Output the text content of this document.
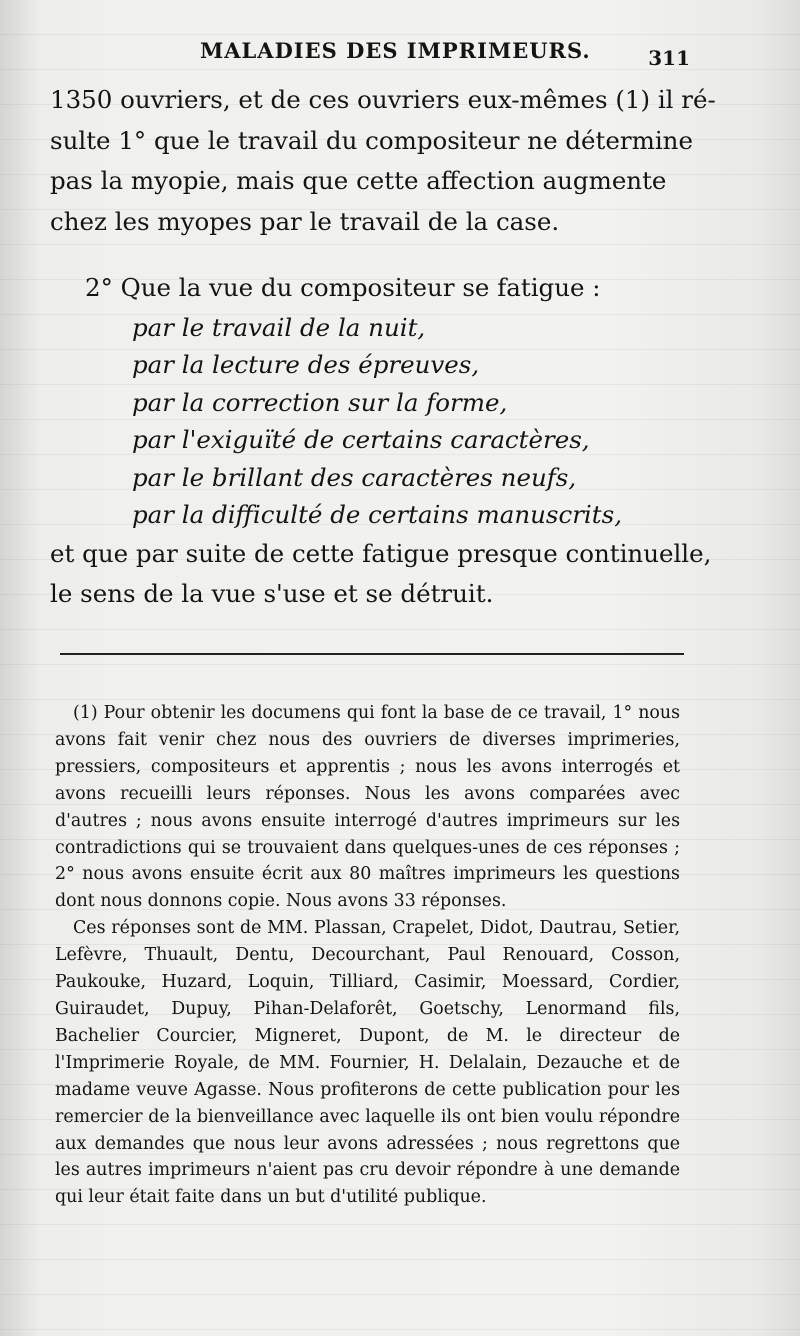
MALADIES DES IMPRIMEURS.	311
1350 ouvriers, et de ces ouvriers eux-mêmes (1) il ré-
sulte 1° que le travail du compositeur ne détermine
pas la myopie, mais que cette affection augmente
chez les myopes par le travail de la case.
2° Que la vue du compositeur se fatigue :
par le travail de la nuit,
par la lecture des épreuves,
par la correction sur la forme,
par l'exiguïté de certains caractères,
par le brillant des caractères neufs,
par la difficulté de certains manuscrits,
et que par suite de cette fatigue presque continuelle,
le sens de la vue s'use et se détruit.

(1) Pour obtenir les documens qui font la base de ce travail, 1° nous avons fait venir chez nous des ouvriers de diverses imprimeries, pressiers, compositeurs et apprentis ; nous les avons interrogés et avons recueilli leurs réponses. Nous les avons comparées avec d'autres ; nous avons ensuite interrogé d'autres imprimeurs sur les contradictions qui se trouvaient dans quelques-unes de ces réponses ; 2° nous avons ensuite écrit aux 80 maîtres imprimeurs les questions dont nous donnons copie. Nous avons 33 réponses.

Ces réponses sont de MM. Plassan, Crapelet, Didot, Dautrau, Setier, Lefèvre, Thuault, Dentu, Decourchant, Paul Renouard, Cosson, Paukouke, Huzard, Loquin, Tilliard, Casimir, Moessard, Cordier, Guiraudet, Dupuy, Pihan-Delaforêt, Goetschy, Lenormand fils, Bachelier Courcier, Migneret, Dupont, de M. le directeur de l'Imprimerie Royale, de MM. Fournier, H. Delalain, Dezauche et de madame veuve Agasse. Nous profiterons de cette publication pour les remercier de la bienveillance avec laquelle ils ont bien voulu répondre aux demandes que nous leur avons adressées ; nous regrettons que les autres imprimeurs n'aient pas cru devoir répondre à une demande qui leur était faite dans un but d'utilité publique.
